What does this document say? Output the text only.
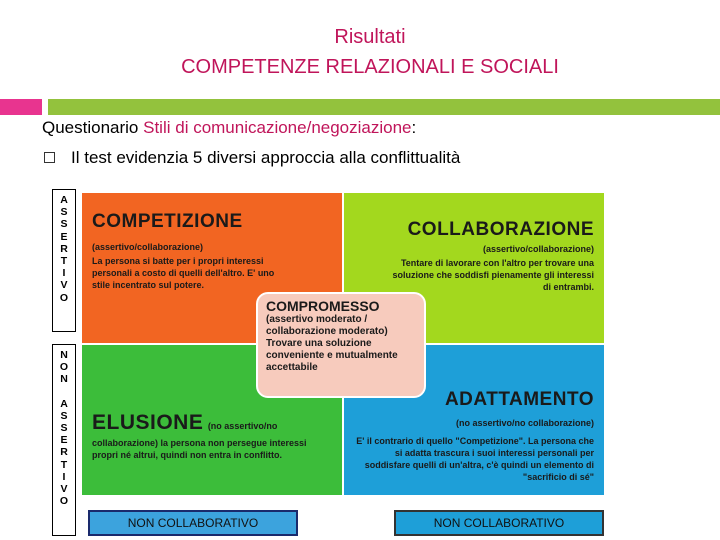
Risultati
COMPETENZE RELAZIONALI E SOCIALI
Questionario Stili di comunicazione/negoziazione:
Il test evidenzia 5 diversi approccia alla conflittualità
A
S
S
E
R
T
I
V
O
N
O
N
A
S
S
E
R
T
I
V
O
COMPETIZIONE
(assertivo/collaborazione)
La persona si batte per i propri interessi personali a costo di quelli dell'altro. E' uno stile incentrato sul potere.
COLLABORAZIONE
(assertivo/collaborazione)
Tentare di lavorare con l'altro per trovare una soluzione che soddisfi pienamente gli interessi di entrambi.
ELUSIONE (no assertivo/no
collaborazione) la persona non persegue interessi propri né altrui, quindi non entra in conflitto.
ADATTAMENTO
(no assertivo/no collaborazione)
E' il contrario di quello "Competizione". La persona che si adatta trascura i suoi interessi personali per soddisfare quelli di un'altra, c'è quindi un elemento di "sacrificio di sé"
COMPROMESSO
(assertivo moderato / collaborazione moderato) Trovare una soluzione conveniente e mutualmente accettabile
NON COLLABORATIVO	NON COLLABORATIVO
